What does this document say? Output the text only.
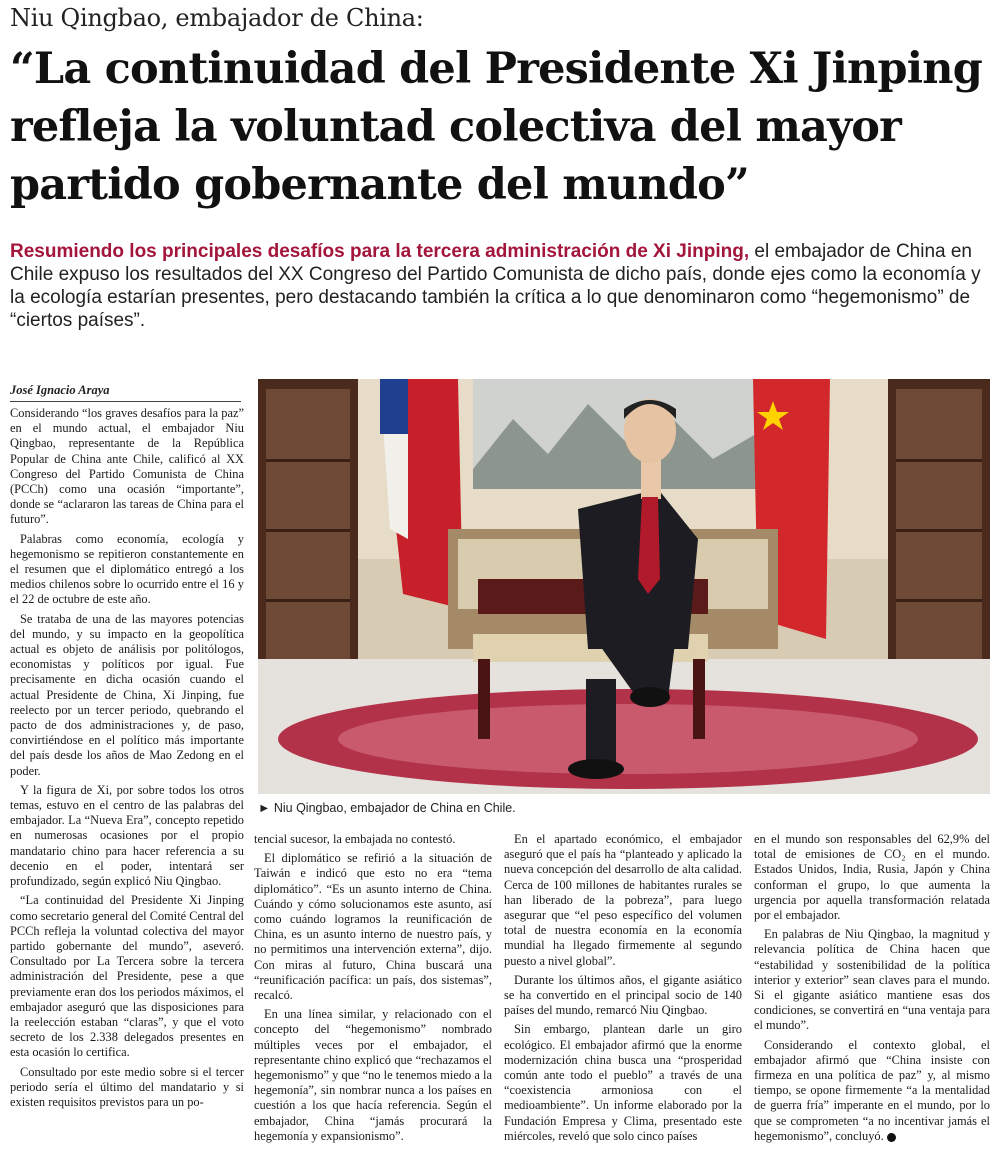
Niu Qingbao, embajador de China:
“La continuidad del Presidente Xi Jinping refleja la voluntad colectiva del mayor partido gobernante del mundo”
Resumiendo los principales desafíos para la tercera administración de Xi Jinping, el embajador de China en Chile expuso los resultados del XX Congreso del Partido Comunista de dicho país, donde ejes como la economía y la ecología estarían presentes, pero destacando también la crítica a lo que denominaron como “hegemonismo” de “ciertos países”.
José Ignacio Araya

Considerando “los graves desafíos para la paz” en el mundo actual, el embajador Niu Qingbao, representante de la República Popular de China ante Chile, calificó al XX Congreso del Partido Comunista de China (PCCh) como una ocasión “importante”, donde se “aclararon las tareas de China para el futuro”.

Palabras como economía, ecología y hegemonismo se repitieron constantemente en el resumen que el diplomático entregó a los medios chilenos sobre lo ocurrido entre el 16 y el 22 de octubre de este año.

Se trataba de una de las mayores potencias del mundo, y su impacto en la geopolítica actual es objeto de análisis por politólogos, economistas y políticos por igual. Fue precisamente en dicha ocasión cuando el actual Presidente de China, Xi Jinping, fue reelecto por un tercer periodo, quebrando el pacto de dos administraciones y, de paso, convirtiéndose en el político más importante del país desde los años de Mao Zedong en el poder.

Y la figura de Xi, por sobre todos los otros temas, estuvo en el centro de las palabras del embajador. La “Nueva Era”, concepto repetido en numerosas ocasiones por el propio mandatario chino para hacer referencia a su decenio en el poder, intentará ser profundizado, según explicó Niu Qingbao.

“La continuidad del Presidente Xi Jinping como secretario general del Comité Central del PCCh refleja la voluntad colectiva del mayor partido gobernante del mundo”, aseveró. Consultado por La Tercera sobre la tercera administración del Presidente, pese a que previamente eran dos los periodos máximos, el embajador aseguró que las disposiciones para la reelección estaban “claras”, y que el voto secreto de los 2.338 delegados presentes en esta ocasión lo certifica.

Consultado por este medio sobre si el tercer periodo sería el último del mandatario y si existen requisitos previstos para un po-

► Niu Qingbao, embajador de China en Chile.

tencial sucesor, la embajada no contestó.

El diplomático se refirió a la situación de Taiwán e indicó que esto no era “tema diplomático”. “Es un asunto interno de China. Cuándo y cómo solucionamos este asunto, así como cuándo logramos la reunificación de China, es un asunto interno de nuestro país, y no permitimos una intervención externa”, dijo. Con miras al futuro, China buscará una “reunificación pacífica: un país, dos sistemas”, recalcó.

En una línea similar, y relacionado con el concepto del “hegemonismo” nombrado múltiples veces por el embajador, el representante chino explicó que “rechazamos el hegemonismo” y que “no le tenemos miedo a la hegemonía”, sin nombrar nunca a los países en cuestión a los que hacía referencia. Según el embajador, China “jamás procurará la hegemonía y expansionismo”.

En el apartado económico, el embajador aseguró que el país ha “planteado y aplicado la nueva concepción del desarrollo de alta calidad. Cerca de 100 millones de habitantes rurales se han liberado de la pobreza”, para luego asegurar que “el peso específico del volumen total de nuestra economía en la economía mundial ha llegado firmemente al segundo puesto a nivel global”.

Durante los últimos años, el gigante asiático se ha convertido en el principal socio de 140 países del mundo, remarcó Niu Qingbao.

Sin embargo, plantean darle un giro ecológico. El embajador afirmó que la enorme modernización china busca una “prosperidad común ante todo el pueblo” a través de una “coexistencia armoniosa con el medioambiente”. Un informe elaborado por la Fundación Empresa y Clima, presentado este miércoles, reveló que solo cinco países

en el mundo son responsables del 62,9% del total de emisiones de CO₂ en el mundo. Estados Unidos, India, Rusia, Japón y China conforman el grupo, lo que aumenta la urgencia por aquella transformación relatada por el embajador.

En palabras de Niu Qingbao, la magnitud y relevancia política de China hacen que “estabilidad y sostenibilidad de la política interior y exterior” sean claves para el mundo. Si el gigante asiático mantiene esas dos condiciones, se convertirá en “una ventaja para el mundo”.

Considerando el contexto global, el embajador afirmó que “China insiste con firmeza en una política de paz” y, al mismo tiempo, se opone firmemente “a la mentalidad de guerra fría” imperante en el mundo, por lo que se comprometen “a no incentivar jamás el hegemonismo”, concluyó.
